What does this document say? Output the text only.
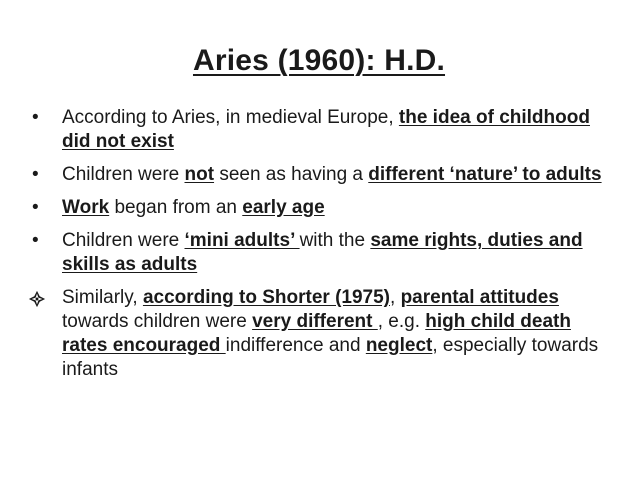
Aries (1960): H.D.
•	According to Aries, in medieval Europe, the idea of childhood did not exist
•	Children were not seen as having a different ‘nature’ to adults
•	Work began from an early age
•	Children were ‘mini adults’ with the same rights, duties and skills as adults
Similarly, according to Shorter (1975), parental attitudes towards children were very different , e.g. high child death rates encouraged indifference and neglect, especially towards infants
